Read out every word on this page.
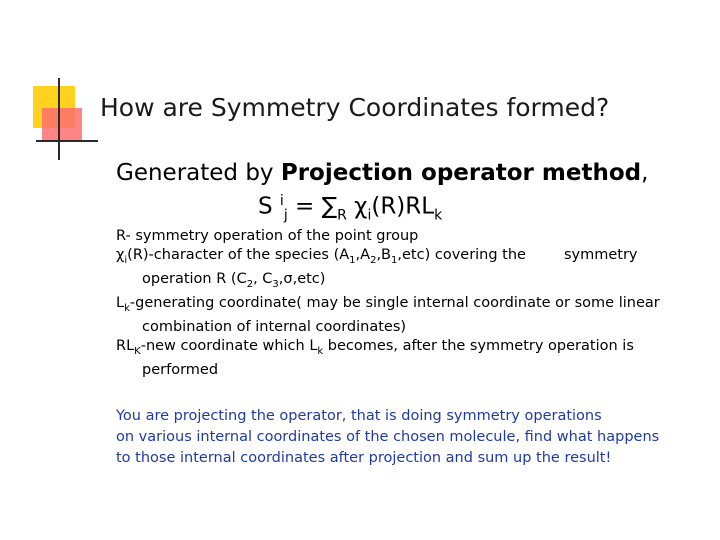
How are Symmetry Coordinates formed?
Generated by Projection operator method,
S $^i_j = \sum_R$ $\chi_i(R)RL_k$

R- symmetry operation of the point group

$\chi_i(R)$-character of the species $(A_1,A_2,B_1,etc)$ covering the	symmetry
operation R ($C_2$, $C_3,\sigma,etc$)

$L_k$-generating coordinate( may be single internal coordinate or some linear
combination of internal coordinates)

$RL_K$-new coordinate which $L_k$ becomes, after the symmetry operation is
performed

You are projecting the operator, that is doing symmetry operations

on various internal coordinates of the chosen molecule, find what happens

to those internal coordinates after projection and sum up the result!
